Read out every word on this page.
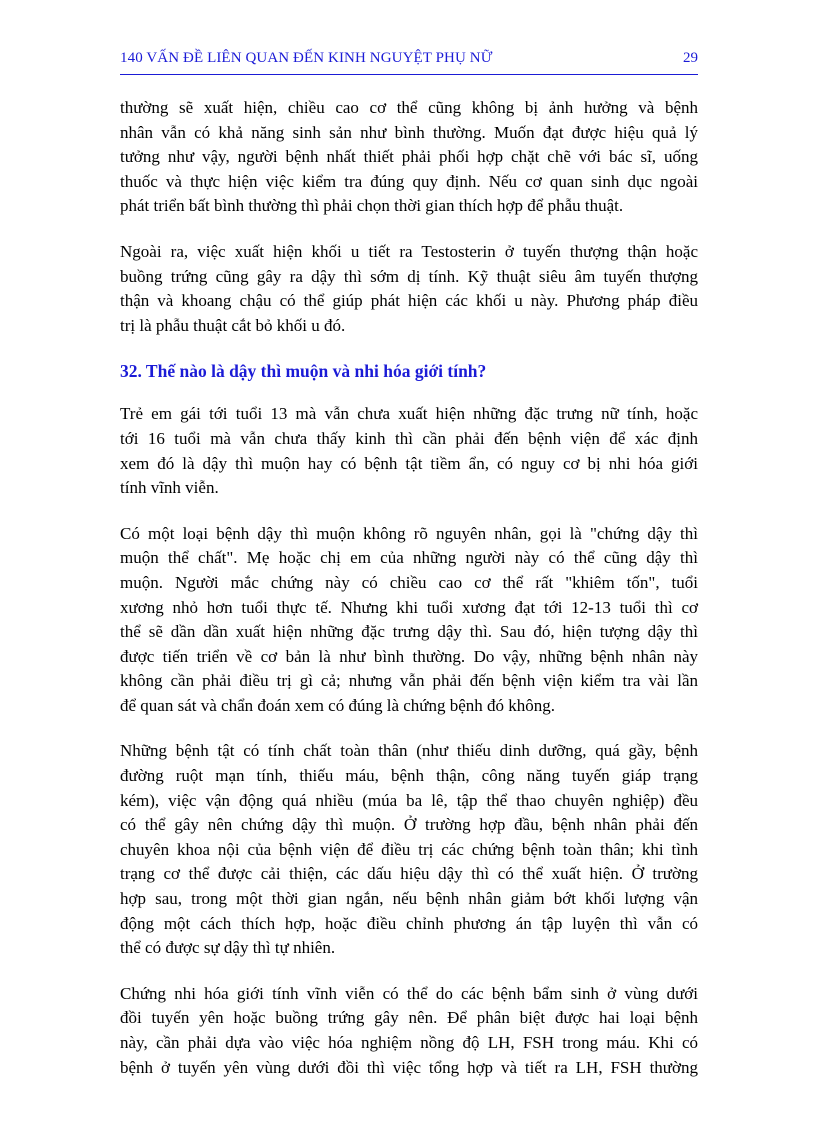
140 VẤN ĐỀ LIÊN QUAN ĐẾN KINH NGUYỆT PHỤ NỮ	29

thường sẽ xuất hiện, chiều cao cơ thể cũng không bị ảnh hưởng và bệnh
nhân vẫn có khả năng sinh sản như bình thường. Muốn đạt được hiệu quả lý
tưởng như vậy, người bệnh nhất thiết phải phối hợp chặt chẽ với bác sĩ, uống
thuốc và thực hiện việc kiểm tra đúng quy định. Nếu cơ quan sinh dục ngoài
phát triển bất bình thường thì phải chọn thời gian thích hợp để phẫu thuật.

Ngoài ra, việc xuất hiện khối u tiết ra Testosterin ở tuyến thượng thận hoặc
buồng trứng cũng gây ra dậy thì sớm dị tính. Kỹ thuật siêu âm tuyến thượng
thận và khoang chậu có thể giúp phát hiện các khối u này. Phương pháp điều
trị là phẫu thuật cắt bỏ khối u đó.

32. Thế nào là dậy thì muộn và nhi hóa giới tính?

Trẻ em gái tới tuổi 13 mà vẫn chưa xuất hiện những đặc trưng nữ tính, hoặc
tới 16 tuổi mà vẫn chưa thấy kinh thì cần phải đến bệnh viện để xác định
xem đó là dậy thì muộn hay có bệnh tật tiềm ẩn, có nguy cơ bị nhi hóa giới
tính vĩnh viễn.

Có một loại bệnh dậy thì muộn không rõ nguyên nhân, gọi là "chứng dậy thì
muộn thể chất". Mẹ hoặc chị em của những người này có thể cũng dậy thì
muộn. Người mắc chứng này có chiều cao cơ thể rất "khiêm tốn", tuổi
xương nhỏ hơn tuổi thực tế. Nhưng khi tuổi xương đạt tới 12-13 tuổi thì cơ
thể sẽ dần dần xuất hiện những đặc trưng dậy thì. Sau đó, hiện tượng dậy thì
được tiến triển về cơ bản là như bình thường. Do vậy, những bệnh nhân này
không cần phải điều trị gì cả; nhưng vẫn phải đến bệnh viện kiểm tra vài lần
để quan sát và chẩn đoán xem có đúng là chứng bệnh đó không.

Những bệnh tật có tính chất toàn thân (như thiếu dinh dưỡng, quá gầy, bệnh
đường ruột mạn tính, thiếu máu, bệnh thận, công năng tuyến giáp trạng
kém), việc vận động quá nhiều (múa ba lê, tập thể thao chuyên nghiệp) đều
có thể gây nên chứng dậy thì muộn. Ở trường hợp đầu, bệnh nhân phải đến
chuyên khoa nội của bệnh viện để điều trị các chứng bệnh toàn thân; khi tình
trạng cơ thể được cải thiện, các dấu hiệu dậy thì có thể xuất hiện. Ở trường
hợp sau, trong một thời gian ngắn, nếu bệnh nhân giảm bớt khối lượng vận
động một cách thích hợp, hoặc điều chỉnh phương án tập luyện thì vẫn có
thể có được sự dậy thì tự nhiên.

Chứng nhi hóa giới tính vĩnh viễn có thể do các bệnh bẩm sinh ở vùng dưới
đồi tuyến yên hoặc buồng trứng gây nên. Để phân biệt được hai loại bệnh
này, cần phải dựa vào việc hóa nghiệm nồng độ LH, FSH trong máu. Khi có
bệnh ở tuyến yên vùng dưới đồi thì việc tổng hợp và tiết ra LH, FSH thường
